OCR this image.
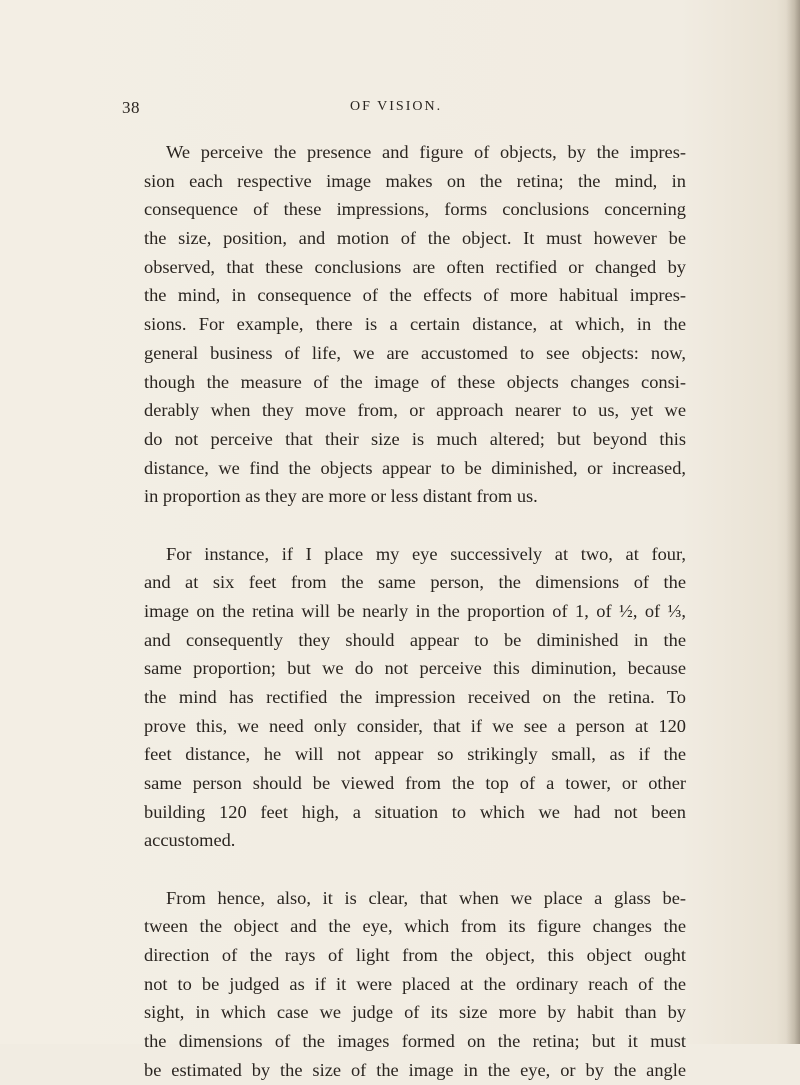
38	OF VISION.

We perceive the presence and figure of objects, by the impres-
sion each respective image makes on the retina; the mind, in
consequence of these impressions, forms conclusions concerning
the size, position, and motion of the object. It must however be
observed, that these conclusions are often rectified or changed by
the mind, in consequence of the effects of more habitual impres-
sions. For example, there is a certain distance, at which, in the
general business of life, we are accustomed to see objects: now,
though the measure of the image of these objects changes consi-
derably when they move from, or approach nearer to us, yet we
do not perceive that their size is much altered; but beyond this
distance, we find the objects appear to be diminished, or increased,
in proportion as they are more or less distant from us.

For instance, if I place my eye successively at two, at four,
and at six feet from the same person, the dimensions of the
image on the retina will be nearly in the proportion of 1, of ½, of ⅓,
and consequently they should appear to be diminished in the
same proportion; but we do not perceive this diminution, because
the mind has rectified the impression received on the retina. To
prove this, we need only consider, that if we see a person at 120
feet distance, he will not appear so strikingly small, as if the
same person should be viewed from the top of a tower, or other
building 120 feet high, a situation to which we had not been
accustomed.

From hence, also, it is clear, that when we place a glass be-
tween the object and the eye, which from its figure changes the
direction of the rays of light from the object, this object ought
not to be judged as if it were placed at the ordinary reach of the
sight, in which case we judge of its size more by habit than by
the dimensions of the images formed on the retina; but it must
be estimated by the size of the image in the eye, or by the angle
